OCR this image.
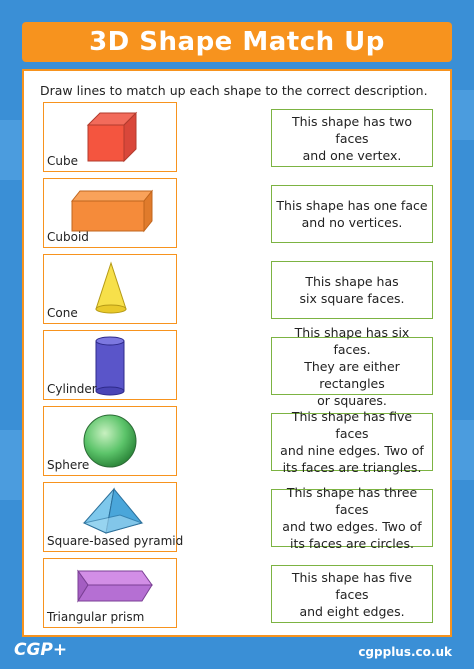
3D Shape Match Up
Draw lines to match up each shape to the correct description.
Cube
Cuboid
Cone
Cylinder
Sphere
Square-based pyramid
Triangular prism
This shape has two faces
and one vertex.
This shape has one face
and no vertices.
This shape has
six square faces.
This shape has six faces.
They are either rectangles
or squares.
This shape has five faces
and nine edges. Two of
its faces are triangles.
This shape has three faces
and two edges. Two of
its faces are circles.
This shape has five faces
and eight edges.
CGP+	cgpplus.co.uk
